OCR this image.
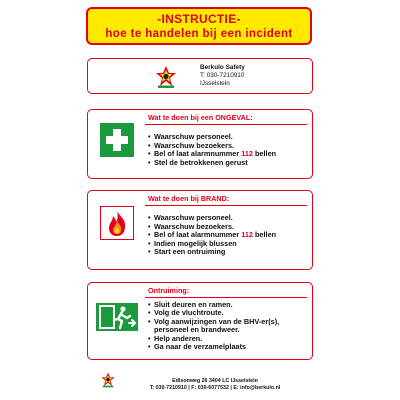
-INSTRUCTIE-
hoe te handelen bij een incident
Berkulo Safety
T: 030-7210910
IJsselstein
Wat te doen bij een ONGEVAL:
• Waarschuw personeel.
• Waarschuw bezoekers.
• Bel of laat alarmnummer 112 bellen
• Stel de betrokkenen gerust
Wat te doen bij BRAND:
• Waarschuw personeel.
• Waarschuw bezoekers.
• Bel of laat alarmnummer 112 bellen
• Indien mogelijk blussen
• Start een ontruiming
Ontruiming:
• Sluit deuren en ramen.
• Volg de vluchtroute.
• Volg aanwijzingen van de BHV-er(s),
personeel en brandweer.
• Help anderen.
• Ga naar de verzamelplaats
Edisonweg 26 3404 LC IJsselstein
T: 030-7210910 | F: 030-6077532 | E: info@berkulo.nl
